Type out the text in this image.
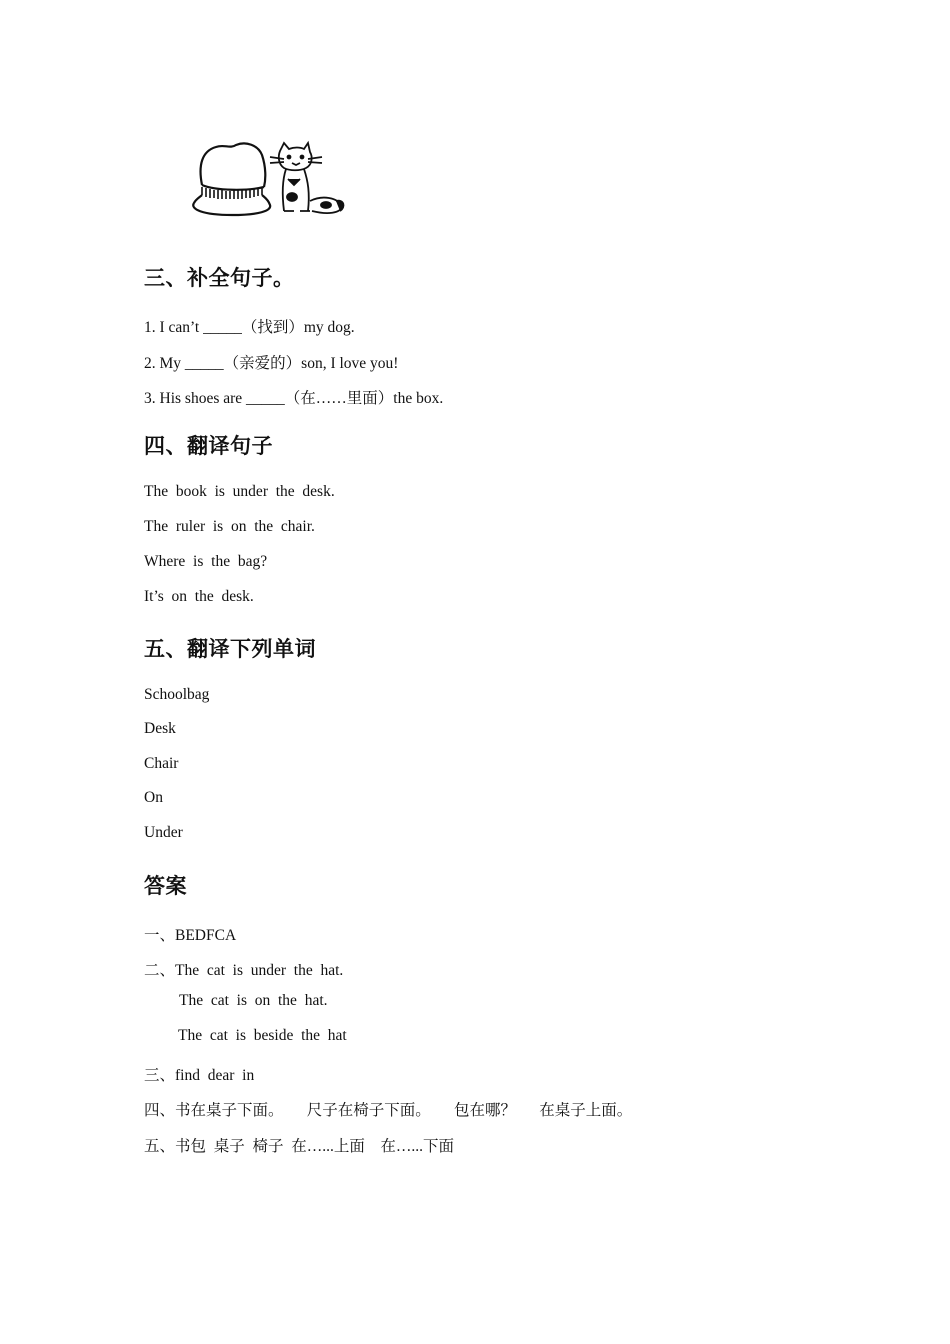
三、补全句子。
1. I can’t _____（找到）my dog.
2. My _____（亲爱的）son, I love you!
3. His shoes are _____（在……里面）the box.
四、翻译句子
The  book  is  under  the  desk.
The  ruler  is  on  the  chair.
Where  is  the  bag?
It’s  on  the  desk.
五、翻译下列单词
Schoolbag
Desk
Chair
On
Under
答案
一、BEDFCA
二、The  cat  is  under  the  hat.
The  cat  is  on  the  hat.
The  cat  is  beside  the  hat
三、find  dear  in
四、书在桌子下面。      尺子在椅子下面。      包在哪？      在桌子上面。
五、书包  桌子  椅子  在…...上面    在…...下面
